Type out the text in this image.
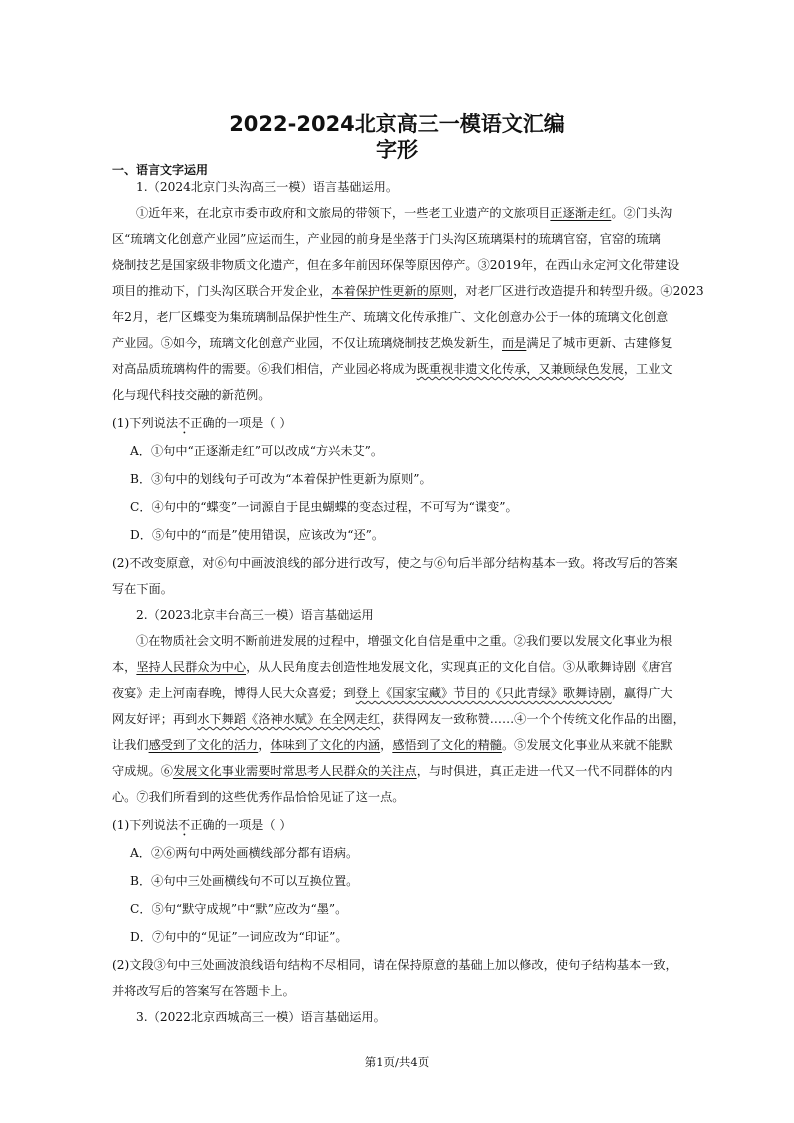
2022-2024北京高三一模语文汇编
字形
一、语言文字运用
1.（2024北京门头沟高三一模）语言基础运用。
①近年来，在北京市委市政府和文旅局的带领下，一些老工业遗产的文旅项目正逐渐走红。②门头沟
区“琉璃文化创意产业园”应运而生，产业园的前身是坐落于门头沟区琉璃渠村的琉璃官窑，官窑的琉璃
烧制技艺是国家级非物质文化遗产，但在多年前因环保等原因停产。③2019年，在西山永定河文化带建设
项目的推动下，门头沟区联合开发企业，本着保护性更新的原则，对老厂区进行改造提升和转型升级。④2023
年2月，老厂区蝶变为集琉璃制品保护性生产、琉璃文化传承推广、文化创意办公于一体的琉璃文化创意
产业园。⑤如今，琉璃文化创意产业园，不仅让琉璃烧制技艺焕发新生，而是满足了城市更新、古建修复
对高品质琉璃构件的需要。⑥我们相信，产业园必将成为既重视非遗文化传承，又兼顾绿色发展，工业文
化与现代科技交融的新范例。
(1)下列说法不正确的一项是（ ）
A．①句中“正逐渐走红”可以改成“方兴未艾”。
B．③句中的划线句子可改为“本着保护性更新为原则”。
C．④句中的“蝶变”一词源自于昆虫蝴蝶的变态过程，不可写为“谍变”。
D．⑤句中的“而是”使用错误，应该改为“还”。
(2)不改变原意，对⑥句中画波浪线的部分进行改写，使之与⑥句后半部分结构基本一致。将改写后的答案
写在下面。
2.（2023北京丰台高三一模）语言基础运用
①在物质社会文明不断前进发展的过程中，增强文化自信是重中之重。②我们要以发展文化事业为根
本，坚持人民群众为中心，从人民角度去创造性地发展文化，实现真正的文化自信。③从歌舞诗剧《唐宫
夜宴》走上河南春晚，博得人民大众喜爱；到登上《国家宝藏》节目的《只此青绿》歌舞诗剧，赢得广大
网友好评；再到水下舞蹈《洛神水赋》在全网走红，获得网友一致称赞……④一个个传统文化作品的出圈，
让我们感受到了文化的活力，体味到了文化的内涵，感悟到了文化的精髓。⑤发展文化事业从来就不能默
守成规。⑥发展文化事业需要时常思考人民群众的关注点，与时俱进，真正走进一代又一代不同群体的内
心。⑦我们所看到的这些优秀作品恰恰见证了这一点。
(1)下列说法不正确的一项是（ ）
A．②⑥两句中两处画横线部分都有语病。
B．④句中三处画横线句不可以互换位置。
C．⑤句“默守成规”中“默”应改为“墨”。
D．⑦句中的“见证”一词应改为“印证”。
(2)文段③句中三处画波浪线语句结构不尽相同，请在保持原意的基础上加以修改，使句子结构基本一致，
并将改写后的答案写在答题卡上。
3.（2022北京西城高三一模）语言基础运用。
第1页/共4页
